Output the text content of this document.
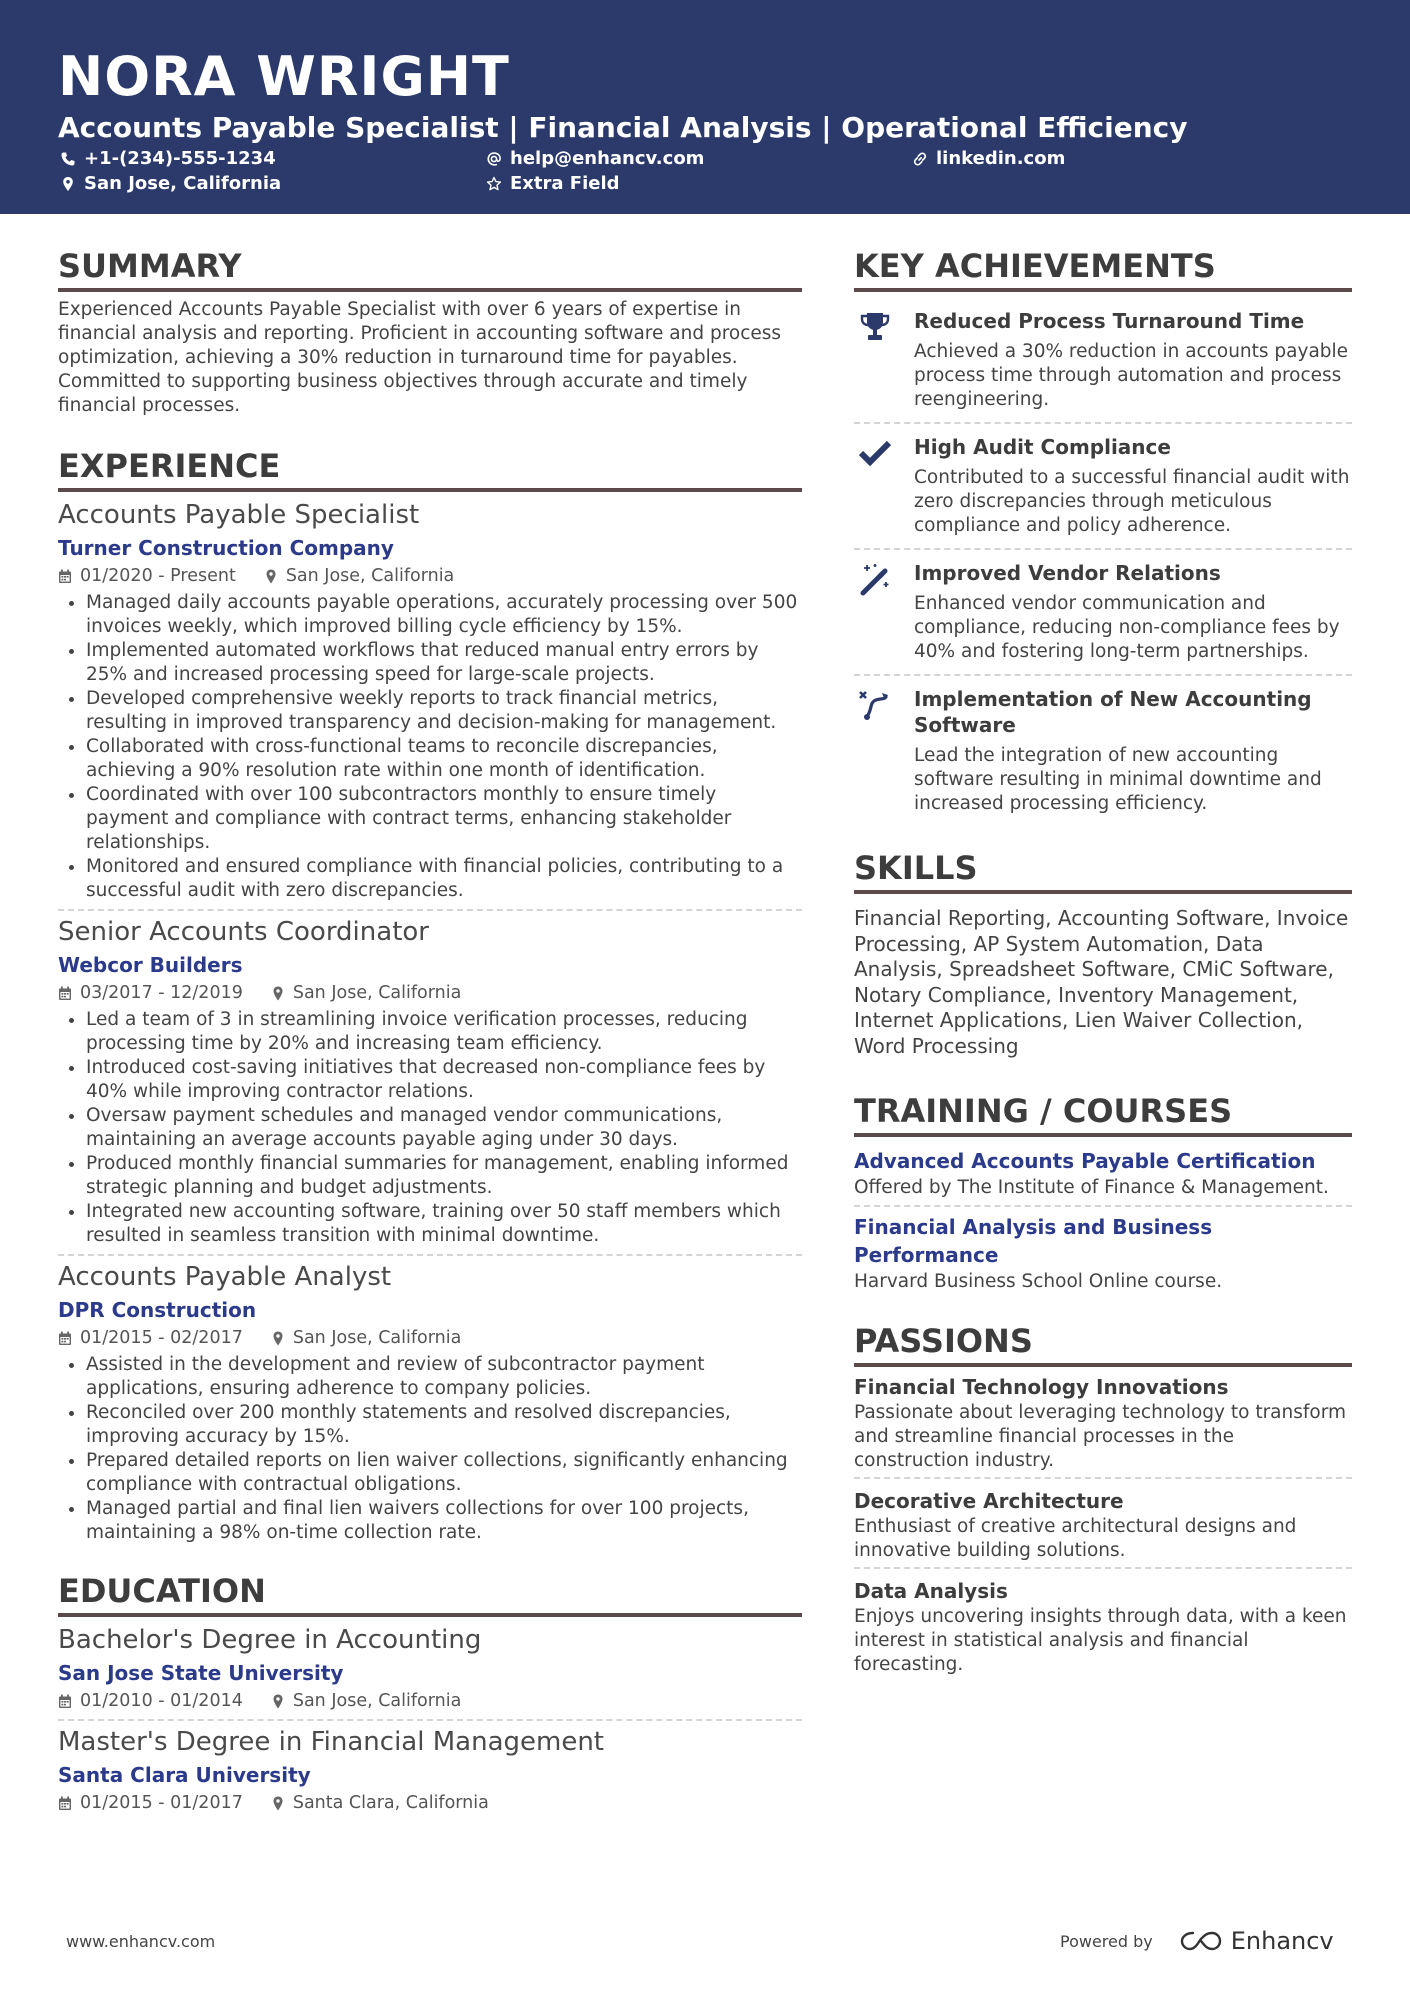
NORA WRIGHT
Accounts Payable Specialist | Financial Analysis | Operational Efficiency
+1-(234)-555-1234	help@enhancv.com	linkedin.com
San Jose, California	Extra Field
SUMMARY

Experienced Accounts Payable Specialist with over 6 years of expertise in financial analysis and reporting. Proficient in accounting software and process optimization, achieving a 30% reduction in turnaround time for payables. Committed to supporting business objectives through accurate and timely financial processes.

EXPERIENCE
Accounts Payable Specialist
Turner Construction Company
01/2020 - Present	San Jose, California
• Managed daily accounts payable operations, accurately processing over 500 invoices weekly, which improved billing cycle efficiency by 15%.
• Implemented automated workflows that reduced manual entry errors by 25% and increased processing speed for large-scale projects.
• Developed comprehensive weekly reports to track financial metrics, resulting in improved transparency and decision-making for management.
• Collaborated with cross-functional teams to reconcile discrepancies, achieving a 90% resolution rate within one month of identification.
• Coordinated with over 100 subcontractors monthly to ensure timely payment and compliance with contract terms, enhancing stakeholder relationships.
• Monitored and ensured compliance with financial policies, contributing to a successful audit with zero discrepancies.
Senior Accounts Coordinator
Webcor Builders
03/2017 - 12/2019	San Jose, California
• Led a team of 3 in streamlining invoice verification processes, reducing processing time by 20% and increasing team efficiency.
• Introduced cost-saving initiatives that decreased non-compliance fees by 40% while improving contractor relations.
• Oversaw payment schedules and managed vendor communications, maintaining an average accounts payable aging under 30 days.
• Produced monthly financial summaries for management, enabling informed strategic planning and budget adjustments.
• Integrated new accounting software, training over 50 staff members which resulted in seamless transition with minimal downtime.
Accounts Payable Analyst
DPR Construction
01/2015 - 02/2017	San Jose, California
• Assisted in the development and review of subcontractor payment applications, ensuring adherence to company policies.
• Reconciled over 200 monthly statements and resolved discrepancies, improving accuracy by 15%.
• Prepared detailed reports on lien waiver collections, significantly enhancing compliance with contractual obligations.
• Managed partial and final lien waivers collections for over 100 projects, maintaining a 98% on-time collection rate.
EDUCATION
Bachelor's Degree in Accounting
San Jose State University
01/2010 - 01/2014	San Jose, California
Master's Degree in Financial Management
Santa Clara University
01/2015 - 01/2017	Santa Clara, California
KEY ACHIEVEMENTS
Reduced Process Turnaround Time
Achieved a 30% reduction in accounts payable process time through automation and process reengineering.
High Audit Compliance
Contributed to a successful financial audit with zero discrepancies through meticulous compliance and policy adherence.
Improved Vendor Relations
Enhanced vendor communication and compliance, reducing non-compliance fees by 40% and fostering long-term partnerships.
Implementation of New Accounting Software
Lead the integration of new accounting software resulting in minimal downtime and increased processing efficiency.
SKILLS
Financial Reporting, Accounting Software, Invoice Processing, AP System Automation, Data Analysis, Spreadsheet Software, CMiC Software, Notary Compliance, Inventory Management, Internet Applications, Lien Waiver Collection, Word Processing
TRAINING / COURSES
Advanced Accounts Payable Certification
Offered by The Institute of Finance & Management.
Financial Analysis and Business Performance
Harvard Business School Online course.
PASSIONS
Financial Technology Innovations
Passionate about leveraging technology to transform and streamline financial processes in the construction industry.
Decorative Architecture
Enthusiast of creative architectural designs and innovative building solutions.
Data Analysis
Enjoys uncovering insights through data, with a keen interest in statistical analysis and financial forecasting.
www.enhancv.com	Powered by	Enhancv
